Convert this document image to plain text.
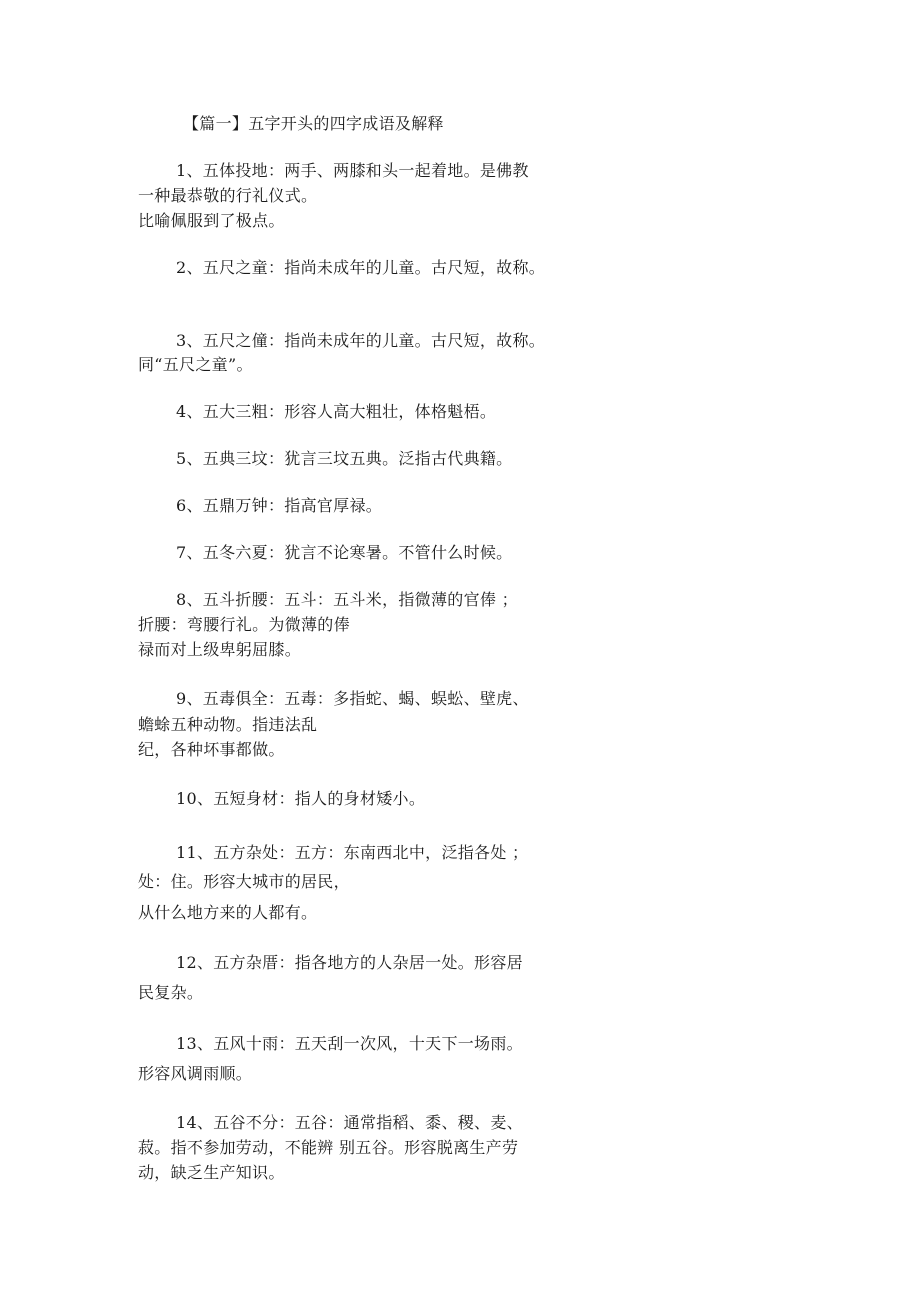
【篇一】五字开头的四字成语及解释
1、五体投地：两手、两膝和头一起着地。是佛教
一种最恭敬的行礼仪式。
比喻佩服到了极点。
2、五尺之童：指尚未成年的儿童。古尺短，故称。
3、五尺之僮：指尚未成年的儿童。古尺短，故称。
同“五尺之童”。
4、五大三粗：形容人高大粗壮，体格魁梧。
5、五典三坟：犹言三坟五典。泛指古代典籍。
6、五鼎万钟：指高官厚禄。
7、五冬六夏：犹言不论寒暑。不管什么时候。
8、五斗折腰：五斗：五斗米，指微薄的官俸 ；
折腰：弯腰行礼。为微薄的俸
禄而对上级卑躬屈膝。
9、五毒俱全：五毒：多指蛇、蝎、蜈蚣、壁虎、
蟾蜍五种动物。指违法乱
纪，各种坏事都做。
10、五短身材：指人的身材矮小。
11、五方杂处：五方：东南西北中，泛指各处 ；
处：住。形容大城市的居民，
从什么地方来的人都有。
12、五方杂厝：指各地方的人杂居一处。形容居
民复杂。
13、五风十雨：五天刮一次风，十天下一场雨。
形容风调雨顺。
14、五谷不分：五谷：通常指稻、黍、稷、麦、
菽。指不参加劳动，不能辨 别五谷。形容脱离生产劳
动，缺乏生产知识。
